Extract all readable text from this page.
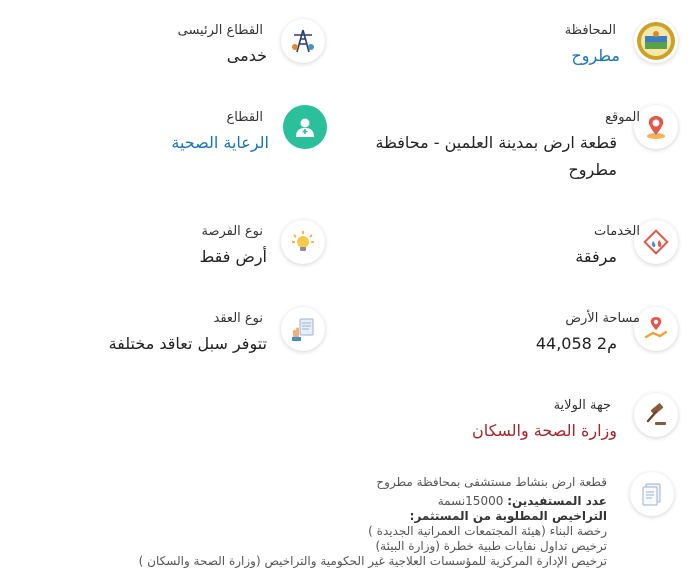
المحافظة
مطروح
القطاع الرئيسى
خدمى
الموقع
قطعة ارض بمدينة العلمين - محافظة مطروح
القطاع
الرعاية الصحية
الخدمات
مرفقة
نوع الفرصة
أرض فقط
مساحة الأرض
44,058 م2
نوع العقد
تتوفر سبل تعاقد مختلفة
جهة الولاية
وزارة الصحة والسكان
قطعة ارض بنشاط مستشفى بمحافظة مطروح
عدد المستفيدين: 15000نسمة
التراخيص المطلوبة من المستثمر:
رخصة البناء (هيئة المجتمعات العمرانية الجديدة )
ترخيص تداول نفايات طبية خطرة (وزارة البيئة)
ترخيص الإدارة المركزية للمؤسسات العلاجية غير الحكومية والتراخيص (وزارة الصحة والسكان )
